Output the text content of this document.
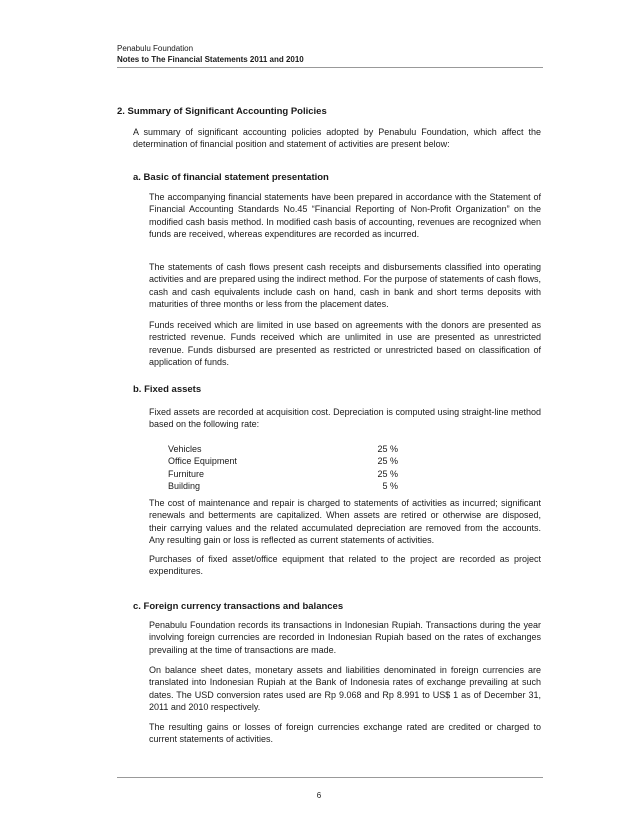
Penabulu Foundation
Notes to The Financial Statements 2011 and 2010
2. Summary of Significant Accounting Policies

A summary of significant accounting policies adopted by Penabulu Foundation, which affect the determination of financial position and statement of activities are present below:

a. Basic of financial statement presentation

The accompanying financial statements have been prepared in accordance with the Statement of Financial Accounting Standards No.45 “Financial Reporting of Non-Profit Organization” on the modified cash basis method. In modified cash basis of accounting, revenues are recognized when funds are received, whereas expenditures are recorded as incurred.

The statements of cash flows present cash receipts and disbursements classified into operating activities and are prepared using the indirect method. For the purpose of statements of cash flows, cash and cash equivalents include cash on hand, cash in bank and short terms deposits with maturities of three months or less from the placement dates.

Funds received which are limited in use based on agreements with the donors are presented as restricted revenue. Funds received which are unlimited in use are presented as unrestricted revenue. Funds disbursed are presented as restricted or unrestricted based on classification of application of funds.

b. Fixed assets

Fixed assets are recorded at acquisition cost. Depreciation is computed using straight-line method based on the following rate:

Vehicles	25 %
Office Equipment	25 %
Furniture	25 %
Building	5 %

The cost of maintenance and repair is charged to statements of activities as incurred; significant renewals and betterments are capitalized. When assets are retired or otherwise are disposed, their carrying values and the related accumulated depreciation are removed from the accounts. Any resulting gain or loss is reflected as current statements of activities.

Purchases of fixed asset/office equipment that related to the project are recorded as project expenditures.

c. Foreign currency transactions and balances

Penabulu Foundation records its transactions in Indonesian Rupiah. Transactions during the year involving foreign currencies are recorded in Indonesian Rupiah based on the rates of exchanges prevailing at the time of transactions are made.

On balance sheet dates, monetary assets and liabilities denominated in foreign currencies are translated into Indonesian Rupiah at the Bank of Indonesia rates of exchange prevailing at such dates. The USD conversion rates used are Rp 9.068 and Rp 8.991 to US$ 1 as of December 31, 2011 and 2010 respectively.

The resulting gains or losses of foreign currencies exchange rated are credited or charged to current statements of activities.

6
